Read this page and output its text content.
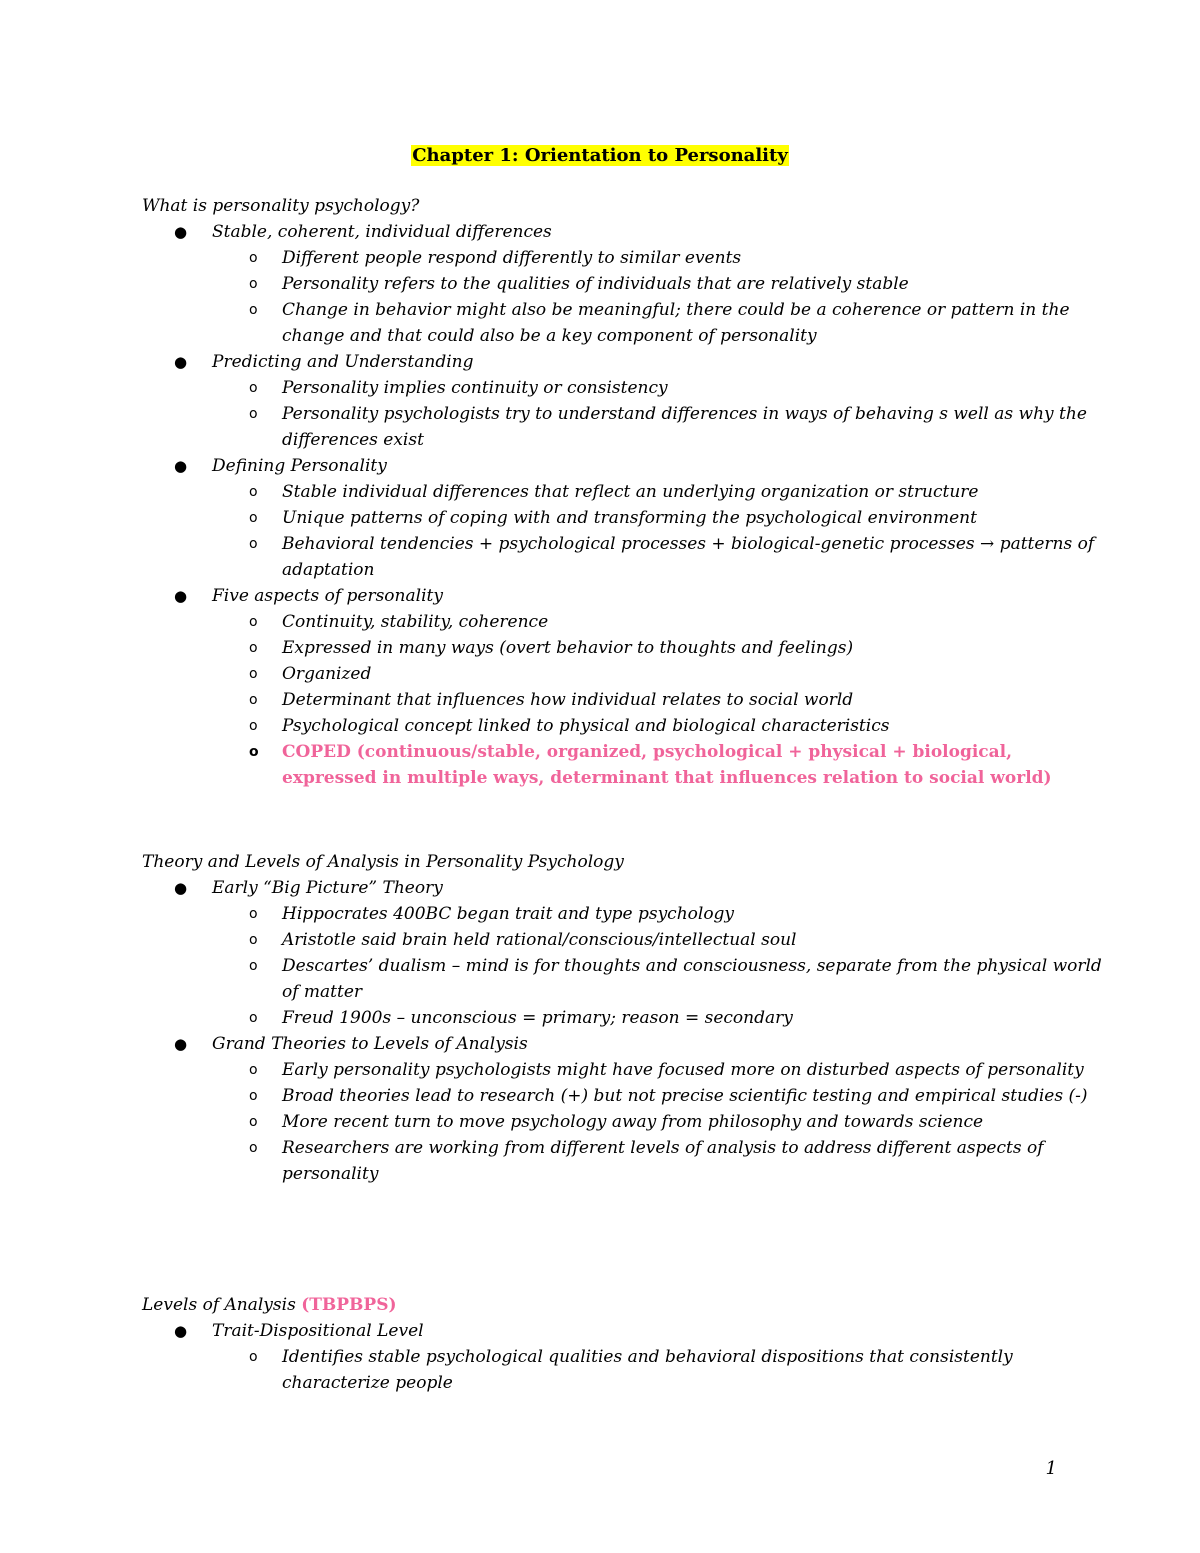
Chapter 1: Orientation to Personality

What is personality psychology?

● Stable, coherent, individual differences
o Different people respond differently to similar events
o Personality refers to the qualities of individuals that are relatively stable
o Change in behavior might also be meaningful; there could be a coherence or pattern in the change and that could also be a key component of personality
● Predicting and Understanding
o Personality implies continuity or consistency
o Personality psychologists try to understand differences in ways of behaving s well as why the differences exist
● Defining Personality
o Stable individual differences that reflect an underlying organization or structure
o Unique patterns of coping with and transforming the psychological environment
o Behavioral tendencies + psychological processes + biological-genetic processes → patterns of adaptation
● Five aspects of personality
o Continuity, stability, coherence
o Expressed in many ways (overt behavior to thoughts and feelings)
o Organized
o Determinant that influences how individual relates to social world
o Psychological concept linked to physical and biological characteristics
o COPED (continuous/stable, organized, psychological + physical + biological, expressed in multiple ways, determinant that influences relation to social world)

Theory and Levels of Analysis in Personality Psychology

● Early “Big Picture” Theory
o Hippocrates 400BC began trait and type psychology
o Aristotle said brain held rational/conscious/intellectual soul
o Descartes’ dualism – mind is for thoughts and consciousness, separate from the physical world of matter
o Freud 1900s – unconscious = primary; reason = secondary
● Grand Theories to Levels of Analysis
o Early personality psychologists might have focused more on disturbed aspects of personality
o Broad theories lead to research (+) but not precise scientific testing and empirical studies (-)
o More recent turn to move psychology away from philosophy and towards science
o Researchers are working from different levels of analysis to address different aspects of personality

Levels of Analysis (TBPBPS)

● Trait-Dispositional Level
o Identifies stable psychological qualities and behavioral dispositions that consistently characterize people
1
